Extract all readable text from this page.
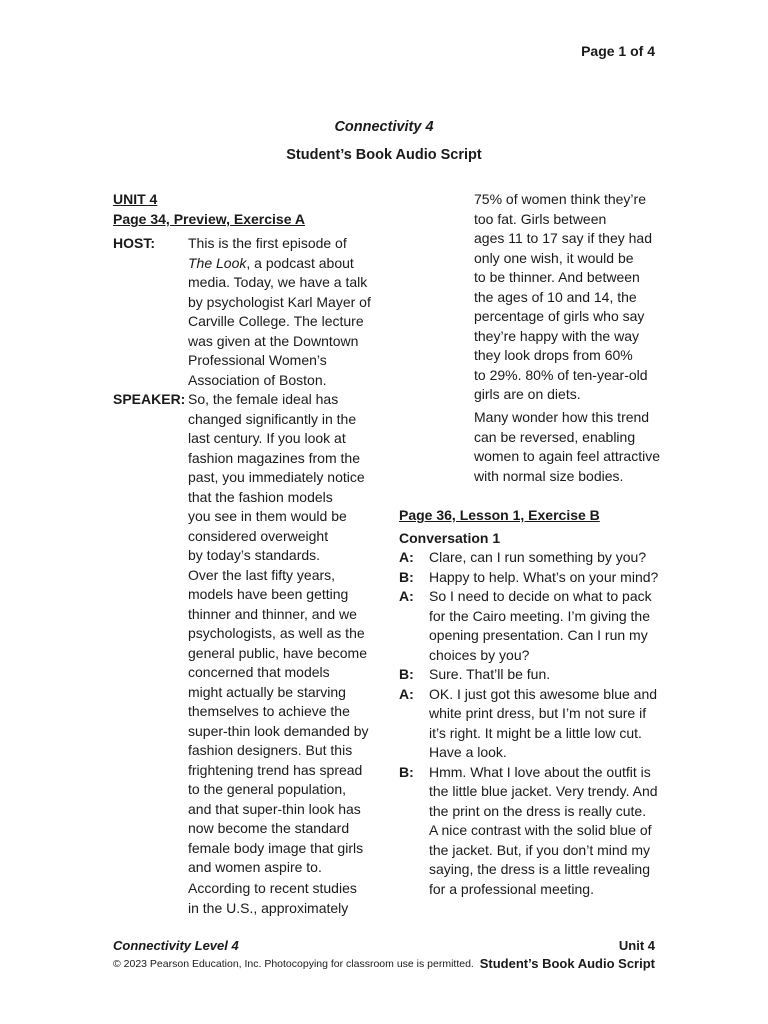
Page 1 of 4
Connectivity 4
Student’s Book Audio Script
UNIT 4
Page 34, Preview, Exercise A
HOST: This is the first episode of
The Look, a podcast about
media. Today, we have a talk
by psychologist Karl Mayer of
Carville College. The lecture
was given at the Downtown
Professional Women’s
Association of Boston.
SPEAKER: So, the female ideal has
changed significantly in the
last century. If you look at
fashion magazines from the
past, you immediately notice
that the fashion models
you see in them would be
considered overweight
by today’s standards.
Over the last fifty years,
models have been getting
thinner and thinner, and we
psychologists, as well as the
general public, have become
concerned that models
might actually be starving
themselves to achieve the
super-thin look demanded by
fashion designers. But this
frightening trend has spread
to the general population,
and that super-thin look has
now become the standard
female body image that girls
and women aspire to.
According to recent studies
in the U.S., approximately
75% of women think they’re
too fat. Girls between
ages 11 to 17 say if they had
only one wish, it would be
to be thinner. And between
the ages of 10 and 14, the
percentage of girls who say
they’re happy with the way
they look drops from 60%
to 29%. 80% of ten-year-old
girls are on diets.
Many wonder how this trend
can be reversed, enabling
women to again feel attractive
with normal size bodies.
Page 36, Lesson 1, Exercise B
Conversation 1
A:	Clare, can I run something by you?
B:	Happy to help. What’s on your mind?
A:	So I need to decide on what to pack
for the Cairo meeting. I’m giving the
opening presentation. Can I run my
choices by you?
B:	Sure. That’ll be fun.
A:	OK. I just got this awesome blue and
white print dress, but I’m not sure if
it’s right. It might be a little low cut.
Have a look.
B:	Hmm. What I love about the outfit is
the little blue jacket. Very trendy. And
the print on the dress is really cute.
A nice contrast with the solid blue of
the jacket. But, if you don’t mind my
saying, the dress is a little revealing
for a professional meeting.
Connectivity Level 4
© 2023 Pearson Education, Inc. Photocopying for classroom use is permitted.
Unit 4
Student’s Book Audio Script
